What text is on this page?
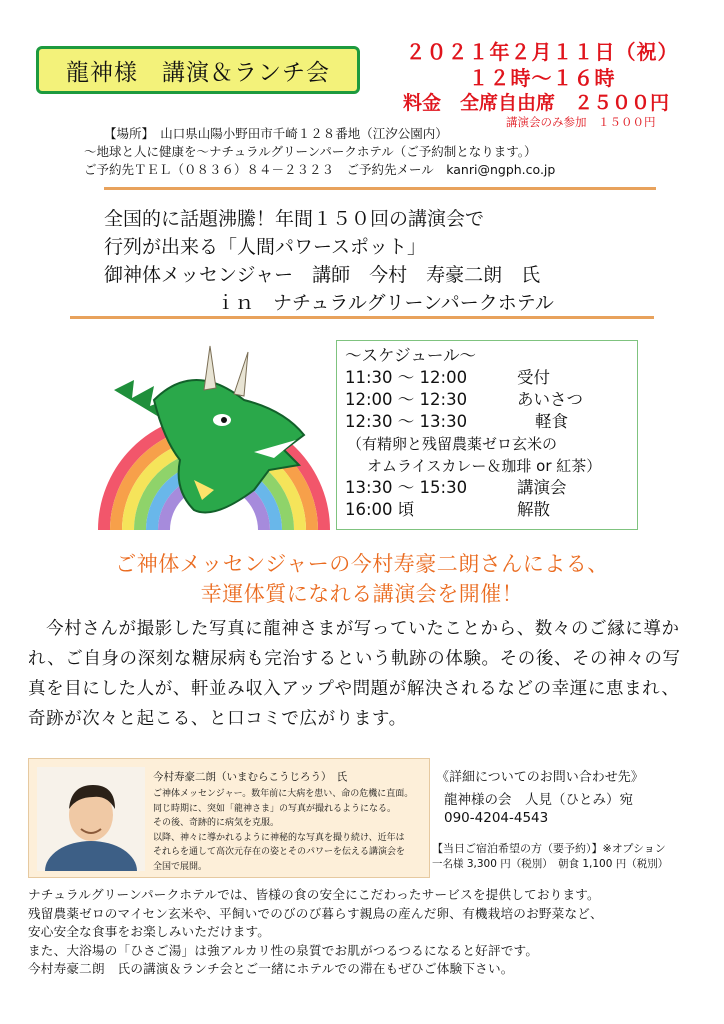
龍神様　講演＆ランチ会
２０２１年２月１１日（祝）
１２時～１６時
料金　全席自由席　２５００円
講演会のみ参加　１５００円
【場所】　山口県山陽小野田市千崎１２８番地（江汐公園内）
～地球と人に健康を～ナチュラルグリーンパークホテル（ご予約制となります。）
ご予約先ＴＥＬ（０８３６）８４－２３２３　ご予約先メール　kanri@ngph.co.jp
全国的に話題沸騰！年間１５０回の講演会で
行列が出来る「人間パワースポット」
御神体メッセンジャー　講師　今村　寿豪二朗　氏
ｉｎ　ナチュラルグリーンパークホテル
～スケジュール～
11:30 ～ 12:00	受付
12:00 ～ 12:30	あいさつ
12:30 ～ 13:30	軽食
（有精卵と残留農薬ゼロ玄米の
オムライスカレー＆珈琲 or 紅茶）
13:30 ～ 15:30	講演会
16:00 頃	解散
ご神体メッセンジャーの今村寿豪二朗さんによる、
幸運体質になれる講演会を開催！
　今村さんが撮影した写真に龍神さまが写っていたことから、数々のご縁に導かれ、ご自身の深刻な糖尿病も完治するという軌跡の体験。その後、その神々の写真を目にした人が、軒並み収入アップや問題が解決されるなどの幸運に恵まれ、奇跡が次々と起こる、と口コミで広がります。
今村寿豪二朗（いまむらこうじろう）　氏
ご神体メッセンジャー。数年前に大病を患い、命の危機に直面。
同じ時期に、突如「龍神さま」の写真が撮れるようになる。
その後、奇跡的に病気を克服。
以降、神々に導かれるように神秘的な写真を撮り続け、近年は
それらを通して高次元存在の姿とそのパワーを伝える講演会を
全国で展開。
《詳細についてのお問い合わせ先》
龍神様の会　人見（ひとみ）宛
090-4204-4543
【当日ご宿泊希望の方（要予約）】※オプション
一名様 3,300 円（税別）　朝食 1,100 円（税別）
ナチュラルグリーンパークホテルでは、皆様の食の安全にこだわったサービスを提供しております。
残留農薬ゼロのマイセン玄米や、平飼いでのびのび暮らす親鳥の産んだ卵、有機栽培のお野菜など、
安心安全な食事をお楽しみいただけます。
また、大浴場の「ひさご湯」は強アルカリ性の泉質でお肌がつるつるになると好評です。
今村寿豪二朗　氏の講演＆ランチ会とご一緒にホテルでの滞在もぜひご体験下さい。
